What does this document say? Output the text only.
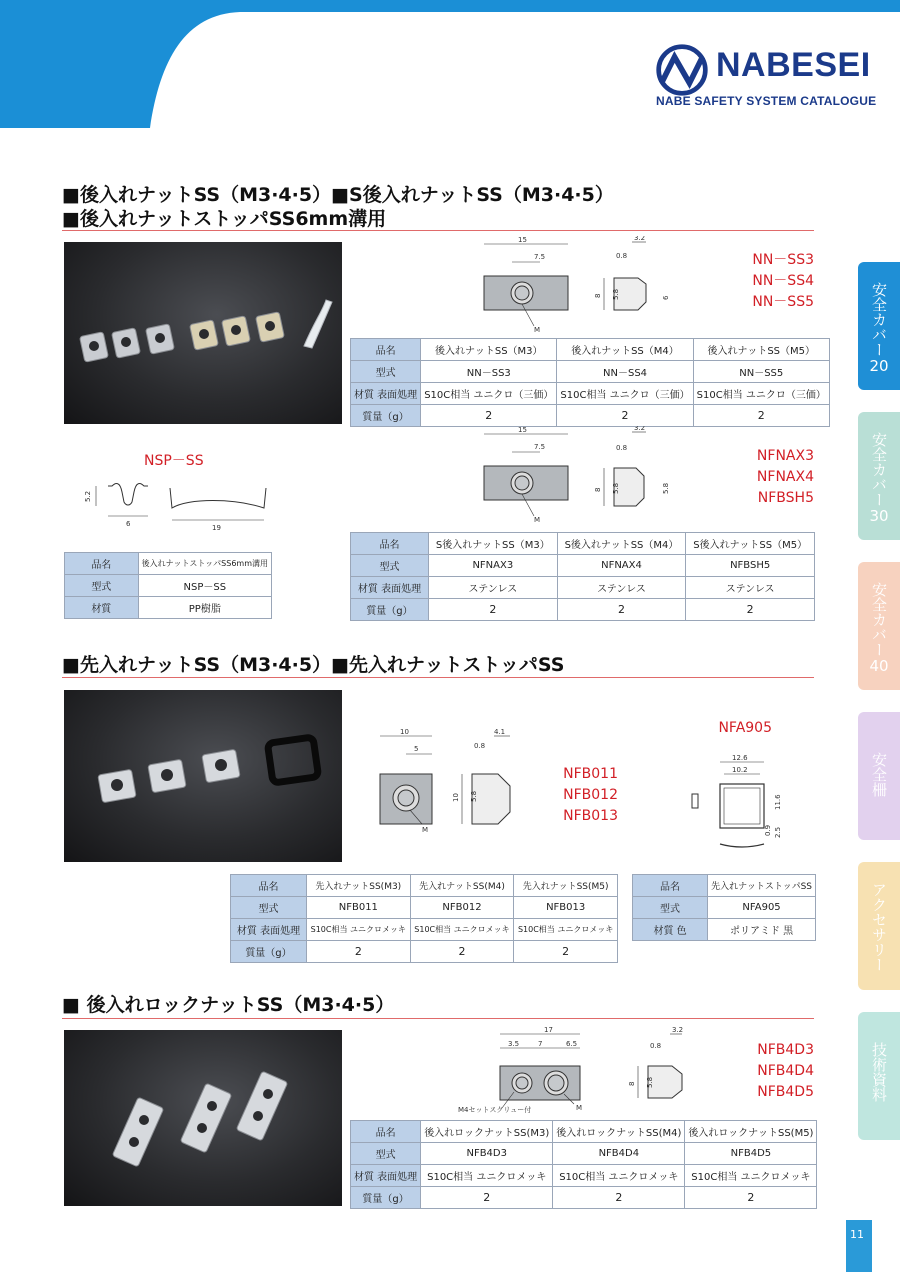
SAFETY COVER SERIES ⌘6mm
NABESEI
NABE SAFETY SYSTEM CATALOGUE
安全カバー
20
安全カバー
30
安全カバー
40
安全柵
アクセサリー
技術資料
■後入れナットSS（M3·4·5）■S後入れナットSS（M3·4·5）
■後入れナットストッパSS6mm溝用
NSP－SS
5.2
6	19
品名	後入れナットストッパSS6mm溝用
型式	NSP－SS
材質	PP樹脂
15
7.5
M
3.2
0.8
8 5.8	6
NN－SS3
NN－SS4
NN－SS5
品名	後入れナットSS（M3）	後入れナットSS（M4）	後入れナットSS（M5）
型式	NN－SS3	NN－SS4	NN－SS5
材質 表面処理	S10C相当 ユニクロ（三価）	S10C相当 ユニクロ（三価）	S10C相当 ユニクロ（三価）
質量（g）	2	2	2
15
7.5
M
3.2
0.8
8 5.8	5.8
NFNAX3
NFNAX4
NFBSH5
品名	S後入れナットSS（M3）	S後入れナットSS（M4）	S後入れナットSS（M5）
型式	NFNAX3	NFNAX4	NFBSH5
材質 表面処理	ステンレス	ステンレス	ステンレス
質量（g）	2	2	2
■先入れナットSS（M3·4·5）■先入れナットストッパSS
10
5
M
4.1
0.8
10 5.8
NFB011
NFB012
NFB013
NFA905
12.6
10.2
11.6
0.9 2.5
品名	先入れナットSS(M3)	先入れナットSS(M4)	先入れナットSS(M5)
型式	NFB011	NFB012	NFB013
材質 表面処理	S10C相当 ユニクロメッキ	S10C相当 ユニクロメッキ	S10C相当 ユニクロメッキ
質量（g）	2	2	2
品名	先入れナットストッパSS
型式	NFA905
材質 色	ポリアミド 黒
■ 後入れロックナットSS（M3·4·5）
17
3.5	7	6.5
M4セットスクリュー付	M
3.2
0.8
8 5.8
NFB4D3
NFB4D4
NFB4D5
品名	後入れロックナットSS(M3)	後入れロックナットSS(M4)	後入れロックナットSS(M5)
型式	NFB4D3	NFB4D4	NFB4D5
材質 表面処理	S10C相当 ユニクロメッキ	S10C相当 ユニクロメッキ	S10C相当 ユニクロメッキ
質量（g）	2	2	2
11
